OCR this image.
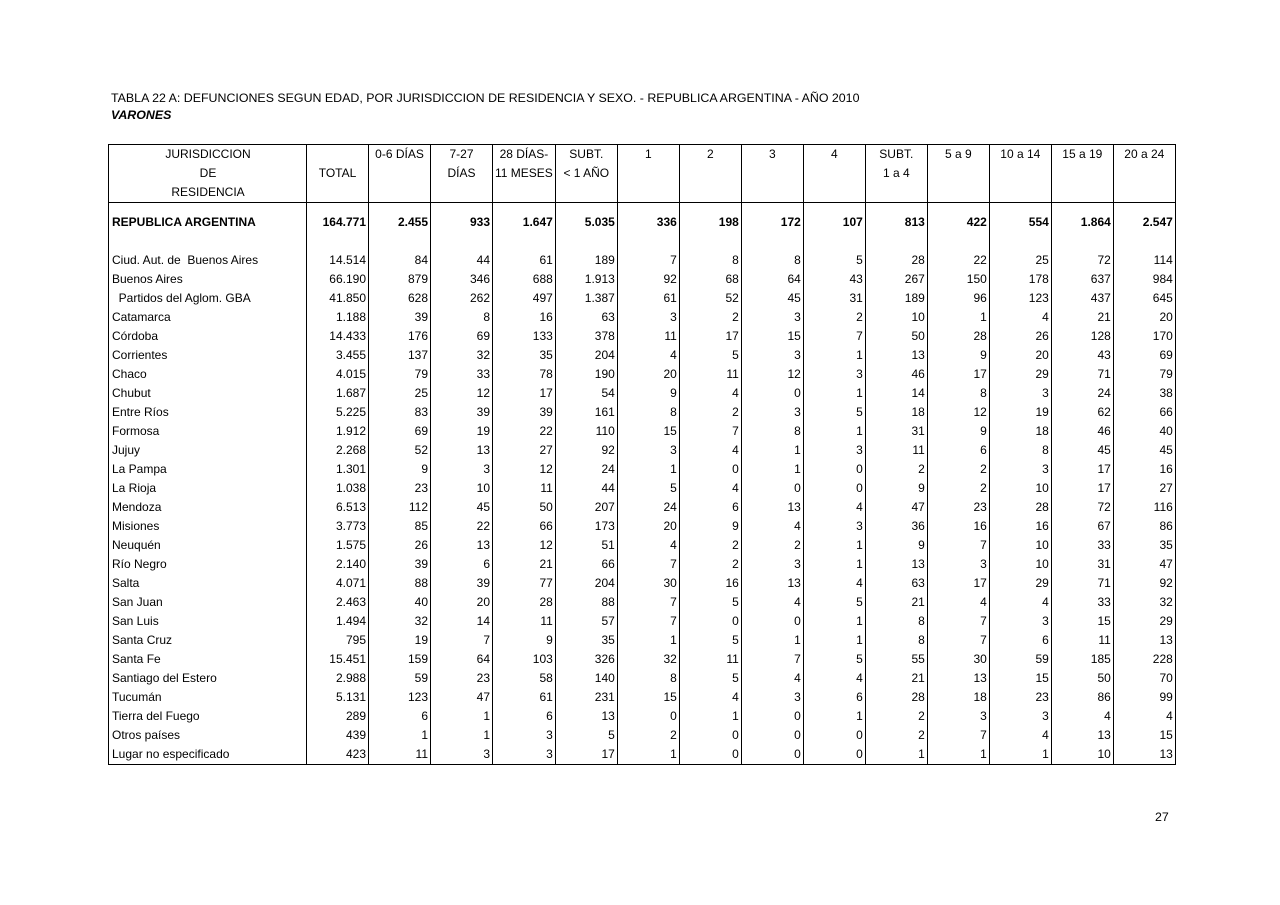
TABLA 22 A: DEFUNCIONES SEGUN EDAD, POR JURISDICCION DE RESIDENCIA Y SEXO. - REPUBLICA ARGENTINA - AÑO 2010
VARONES
JURISDICCION		0-6 DÍAS	7-27	28 DÍAS-	SUBT.	1	2	3	4	SUBT.	5 a 9	10 a 14	15 a 19	20 a 24
DE	TOTAL		DÍAS	11 MESES	< 1 AÑO					1 a 4				
RESIDENCIA														
REPUBLICA ARGENTINA	164.771	2.455	933	1.647	5.035	336	198	172	107	813	422	554	1.864	2.547

Ciud. Aut. de  Buenos Aires	14.514	84	44	61	189	7	8	8	5	28	22	25	72	114
Buenos Aires	66.190	879	346	688	1.913	92	68	64	43	267	150	178	637	984
Partidos del Aglom. GBA	41.850	628	262	497	1.387	61	52	45	31	189	96	123	437	645
Catamarca	1.188	39	8	16	63	3	2	3	2	10	1	4	21	20
Córdoba	14.433	176	69	133	378	11	17	15	7	50	28	26	128	170
Corrientes	3.455	137	32	35	204	4	5	3	1	13	9	20	43	69
Chaco	4.015	79	33	78	190	20	11	12	3	46	17	29	71	79
Chubut	1.687	25	12	17	54	9	4	0	1	14	8	3	24	38
Entre Ríos	5.225	83	39	39	161	8	2	3	5	18	12	19	62	66
Formosa	1.912	69	19	22	110	15	7	8	1	31	9	18	46	40
Jujuy	2.268	52	13	27	92	3	4	1	3	11	6	8	45	45
La Pampa	1.301	9	3	12	24	1	0	1	0	2	2	3	17	16
La Rioja	1.038	23	10	11	44	5	4	0	0	9	2	10	17	27
Mendoza	6.513	112	45	50	207	24	6	13	4	47	23	28	72	116
Misiones	3.773	85	22	66	173	20	9	4	3	36	16	16	67	86
Neuquén	1.575	26	13	12	51	4	2	2	1	9	7	10	33	35
Río Negro	2.140	39	6	21	66	7	2	3	1	13	3	10	31	47
Salta	4.071	88	39	77	204	30	16	13	4	63	17	29	71	92
San Juan	2.463	40	20	28	88	7	5	4	5	21	4	4	33	32
San Luis	1.494	32	14	11	57	7	0	0	1	8	7	3	15	29
Santa Cruz	795	19	7	9	35	1	5	1	1	8	7	6	11	13
Santa Fe	15.451	159	64	103	326	32	11	7	5	55	30	59	185	228
Santiago del Estero	2.988	59	23	58	140	8	5	4	4	21	13	15	50	70
Tucumán	5.131	123	47	61	231	15	4	3	6	28	18	23	86	99
Tierra del Fuego	289	6	1	6	13	0	1	0	1	2	3	3	4	4
Otros países	439	1	1	3	5	2	0	0	0	2	7	4	13	15
Lugar no especificado	423	11	3	3	17	1	0	0	0	1	1	1	10	13
27
